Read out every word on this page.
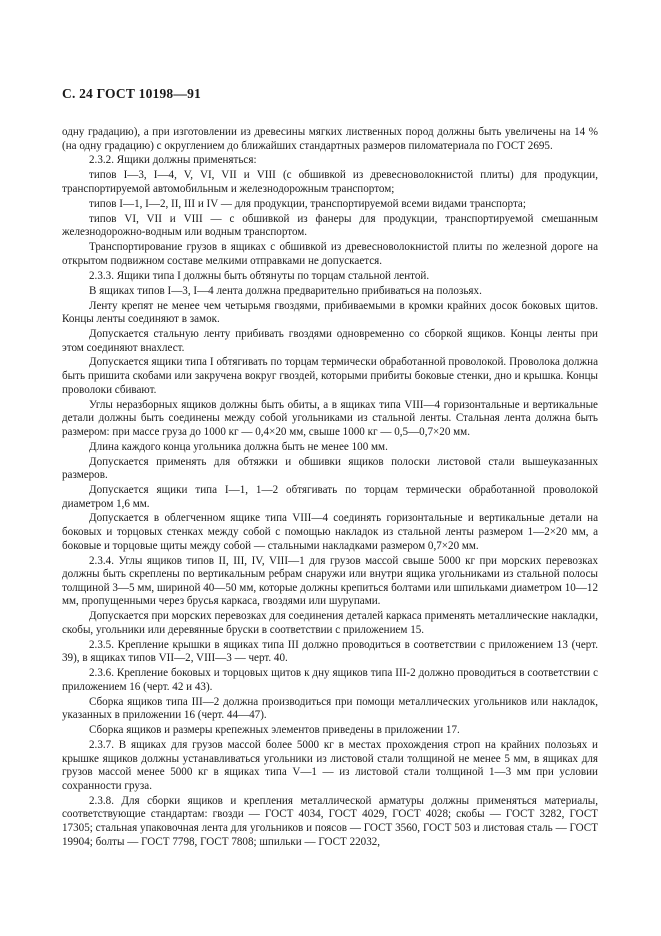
С. 24 ГОСТ 10198—91

одну градацию), а при изготовлении из древесины мягких лиственных пород должны быть увеличены на 14 % (на одну градацию) с округлением до ближайших стандартных размеров пиломатериала по ГОСТ 2695.

2.3.2. Ящики должны применяться:

типов I—3, I—4, V, VI, VII и VIII (с обшивкой из древесноволокнистой плиты) для продукции, транспортируемой автомобильным и железнодорожным транспортом;

типов I—1, I—2, II, III и IV — для продукции, транспортируемой всеми видами транспорта;

типов VI, VII и VIII — с обшивкой из фанеры для продукции, транспортируемой смешанным железнодорожно-водным или водным транспортом.

Транспортирование грузов в ящиках с обшивкой из древесноволокнистой плиты по железной дороге на открытом подвижном составе мелкими отправками не допускается.

2.3.3. Ящики типа I должны быть обтянуты по торцам стальной лентой.

В ящиках типов I—3, I—4 лента должна предварительно прибиваться на полозьях.

Ленту крепят не менее чем четырьмя гвоздями, прибиваемыми в кромки крайних досок боковых щитов. Концы ленты соединяют в замок.

Допускается стальную ленту прибивать гвоздями одновременно со сборкой ящиков. Концы ленты при этом соединяют внахлест.

Допускается ящики типа I обтягивать по торцам термически обработанной проволокой. Проволока должна быть пришита скобами или закручена вокруг гвоздей, которыми прибиты боковые стенки, дно и крышка. Концы проволоки сбивают.

Углы неразборных ящиков должны быть обиты, а в ящиках типа VIII—4 горизонтальные и вертикальные детали должны быть соединены между собой угольниками из стальной ленты. Стальная лента должна быть размером: при массе груза до 1000 кг — 0,4×20 мм, свыше 1000 кг — 0,5—0,7×20 мм.

Длина каждого конца угольника должна быть не менее 100 мм.

Допускается применять для обтяжки и обшивки ящиков полоски листовой стали вышеуказанных размеров.

Допускается ящики типа I—1, 1—2 обтягивать по торцам термически обработанной проволокой диаметром 1,6 мм.

Допускается в облегченном ящике типа VIII—4 соединять горизонтальные и вертикальные детали на боковых и торцовых стенках между собой с помощью накладок из стальной ленты размером 1—2×20 мм, а боковые и торцовые щиты между собой — стальными накладками размером 0,7×20 мм.

2.3.4. Углы ящиков типов II, III, IV, VIII—1 для грузов массой свыше 5000 кг при морских перевозках должны быть скреплены по вертикальным ребрам снаружи или внутри ящика угольниками из стальной полосы толщиной 3—5 мм, шириной 40—50 мм, которые должны крепиться болтами или шпильками диаметром 10—12 мм, пропущенными через брусья каркаса, гвоздями или шурупами.

Допускается при морских перевозках для соединения деталей каркаса применять металлические накладки, скобы, угольники или деревянные бруски в соответствии с приложением 15.

2.3.5. Крепление крышки в ящиках типа III должно проводиться в соответствии с приложением 13 (черт. 39), в ящиках типов VII—2, VIII—3 — черт. 40.

2.3.6. Крепление боковых и торцовых щитов к дну ящиков типа III-2 должно проводиться в соответствии с приложением 16 (черт. 42 и 43).

Сборка ящиков типа III—2 должна производиться при помощи металлических угольников или накладок, указанных в приложении 16 (черт. 44—47).

Сборка ящиков и размеры крепежных элементов приведены в приложении 17.

2.3.7. В ящиках для грузов массой более 5000 кг в местах прохождения строп на крайних полозьях и крышке ящиков должны устанавливаться угольники из листовой стали толщиной не менее 5 мм, в ящиках для грузов массой менее 5000 кг в ящиках типа V—1 — из листовой стали толщиной 1—3 мм при условии сохранности груза.

2.3.8. Для сборки ящиков и крепления металлической арматуры должны применяться материалы, соответствующие стандартам: гвозди — ГОСТ 4034, ГОСТ 4029, ГОСТ 4028; скобы — ГОСТ 3282, ГОСТ 17305; стальная упаковочная лента для угольников и поясов — ГОСТ 3560, ГОСТ 503 и листовая сталь — ГОСТ 19904; болты — ГОСТ 7798, ГОСТ 7808; шпильки — ГОСТ 22032,
